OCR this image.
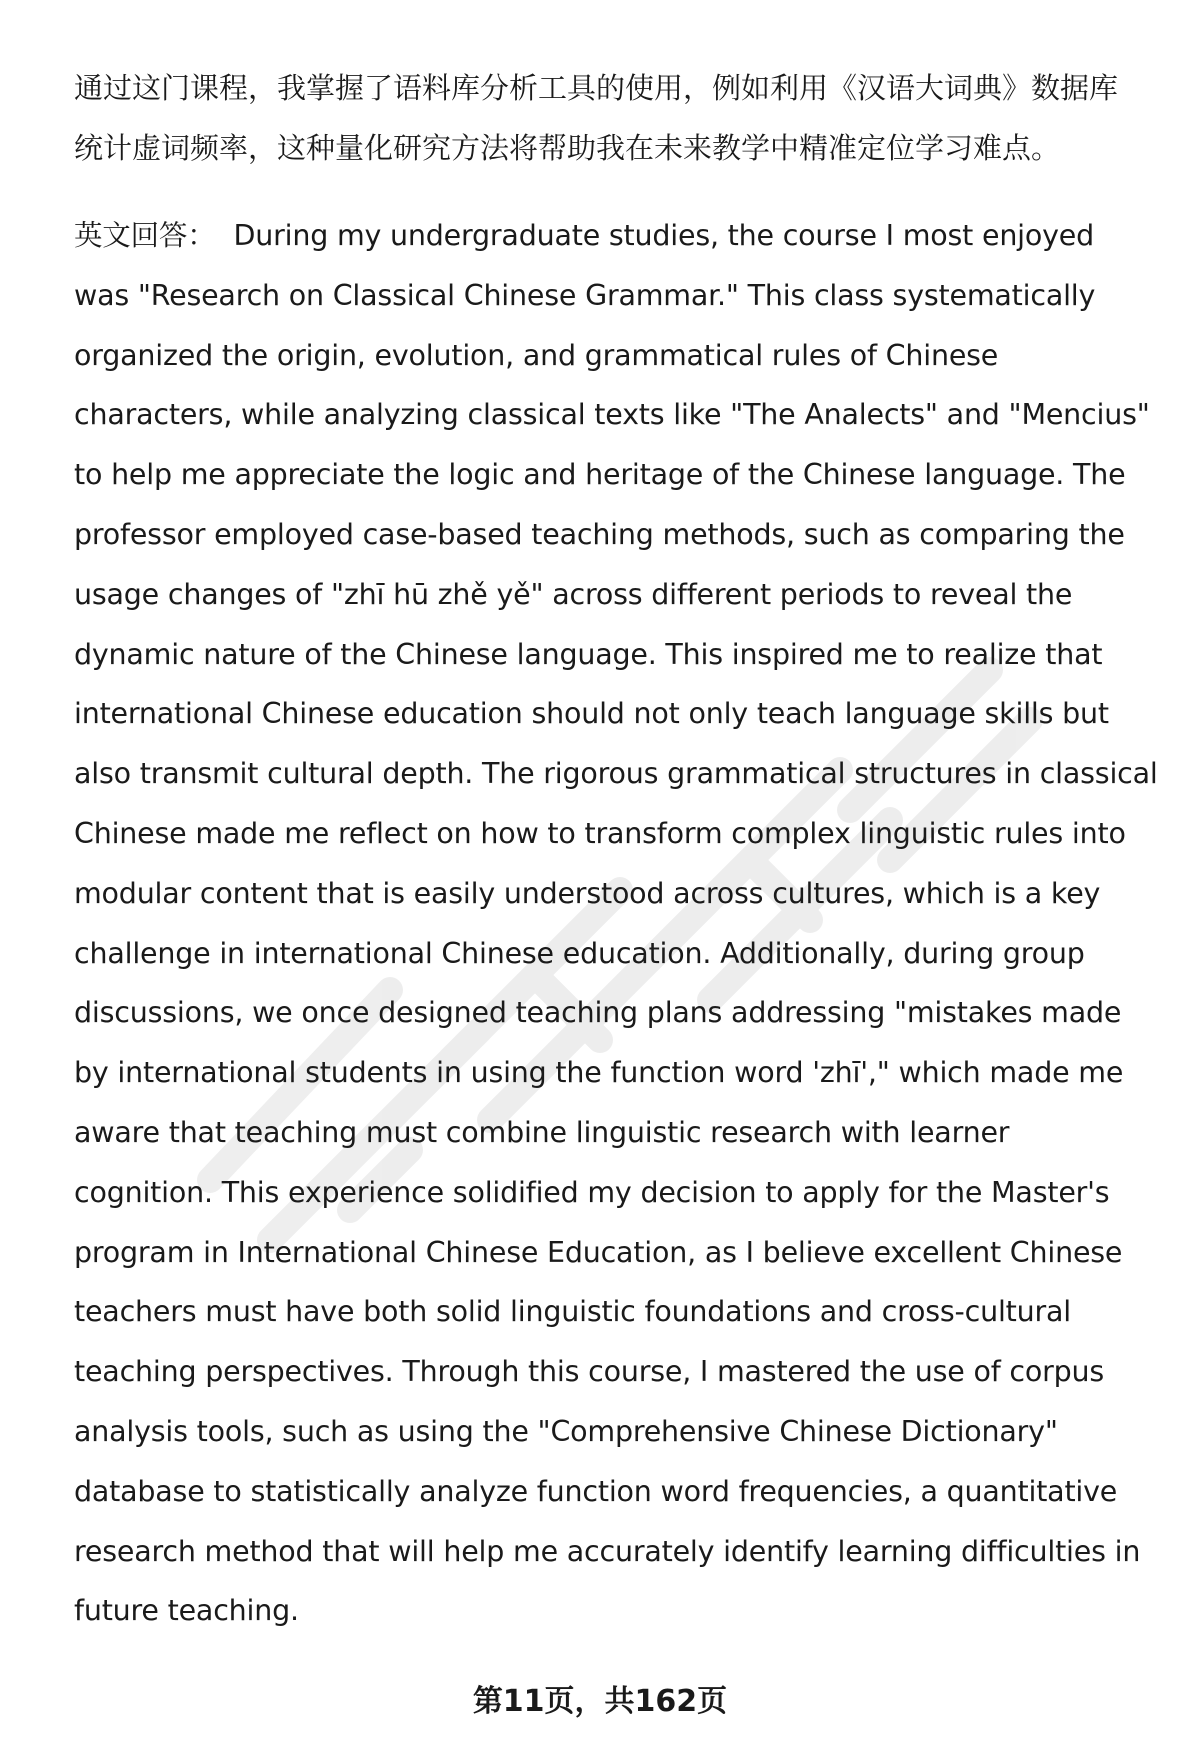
通过这门课程，我掌握了语料库分析工具的使用，例如利用《汉语大词典》数据库
统计虚词频率，这种量化研究方法将帮助我在未来教学中精准定位学习难点。

英文回答： During my undergraduate studies, the course I most enjoyed
was "Research on Classical Chinese Grammar." This class systematically
organized the origin, evolution, and grammatical rules of Chinese
characters, while analyzing classical texts like "The Analects" and "Mencius"
to help me appreciate the logic and heritage of the Chinese language. The
professor employed case-based teaching methods, such as comparing the
usage changes of "zhī hū zhě yě" across different periods to reveal the
dynamic nature of the Chinese language. This inspired me to realize that
international Chinese education should not only teach language skills but
also transmit cultural depth. The rigorous grammatical structures in classical
Chinese made me reflect on how to transform complex linguistic rules into
modular content that is easily understood across cultures, which is a key
challenge in international Chinese education. Additionally, during group
discussions, we once designed teaching plans addressing "mistakes made
by international students in using the function word 'zhī'," which made me
aware that teaching must combine linguistic research with learner
cognition. This experience solidified my decision to apply for the Master's
program in International Chinese Education, as I believe excellent Chinese
teachers must have both solid linguistic foundations and cross-cultural
teaching perspectives. Through this course, I mastered the use of corpus
analysis tools, such as using the "Comprehensive Chinese Dictionary"
database to statistically analyze function word frequencies, a quantitative
research method that will help me accurately identify learning difficulties in
future teaching.

第11页，共162页
